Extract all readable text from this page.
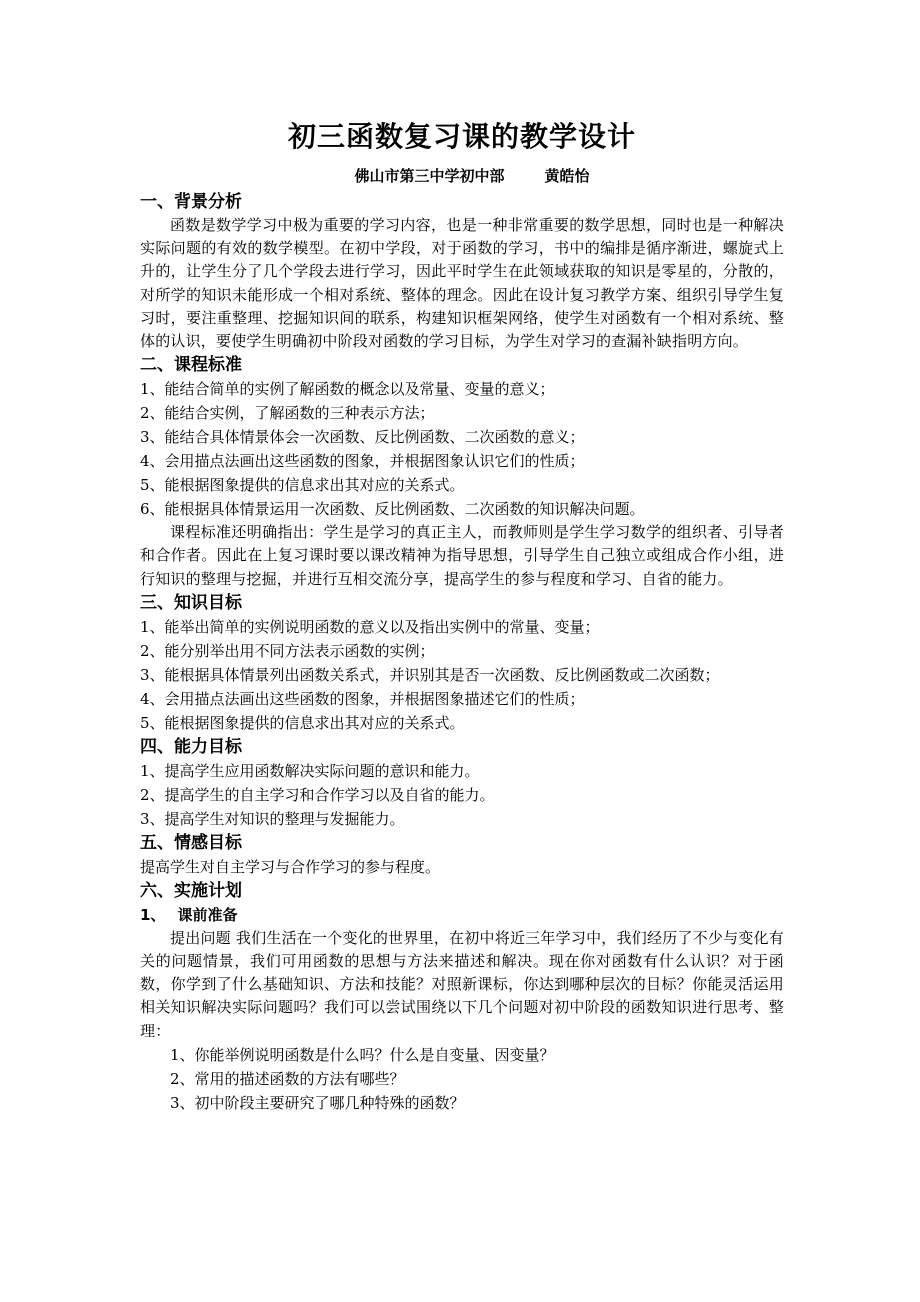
初三函数复习课的教学设计
佛山市第三中学初中部	黄皓怡
一、背景分析

函数是数学学习中极为重要的学习内容，也是一种非常重要的数学思想，同时也是一种解决实际问题的有效的数学模型。在初中学段，对于函数的学习，书中的编排是循序渐进，螺旋式上升的，让学生分了几个学段去进行学习，因此平时学生在此领域获取的知识是零星的，分散的，对所学的知识未能形成一个相对系统、整体的理念。因此在设计复习教学方案、组织引导学生复习时，要注重整理、挖掘知识间的联系，构建知识框架网络，使学生对函数有一个相对系统、整体的认识，要使学生明确初中阶段对函数的学习目标，为学生对学习的查漏补缺指明方向。

二、课程标准
1、能结合简单的实例了解函数的概念以及常量、变量的意义；
2、能结合实例，了解函数的三种表示方法；
3、能结合具体情景体会一次函数、反比例函数、二次函数的意义；
4、会用描点法画出这些函数的图象，并根据图象认识它们的性质；
5、能根据图象提供的信息求出其对应的关系式。
6、能根据具体情景运用一次函数、反比例函数、二次函数的知识解决问题。

课程标准还明确指出：学生是学习的真正主人，而教师则是学生学习数学的组织者、引导者和合作者。因此在上复习课时要以课改精神为指导思想，引导学生自己独立或组成合作小组，进行知识的整理与挖掘，并进行互相交流分享，提高学生的参与程度和学习、自省的能力。

三、知识目标
1、能举出简单的实例说明函数的意义以及指出实例中的常量、变量；
2、能分别举出用不同方法表示函数的实例；
3、能根据具体情景列出函数关系式，并识别其是否一次函数、反比例函数或二次函数；
4、会用描点法画出这些函数的图象，并根据图象描述它们的性质；
5、能根据图象提供的信息求出其对应的关系式。
四、能力目标
1、提高学生应用函数解决实际问题的意识和能力。
2、提高学生的自主学习和合作学习以及自省的能力。
3、提高学生对知识的整理与发掘能力。
五、情感目标
提高学生对自主学习与合作学习的参与程度。
六、实施计划
1、 课前准备

提出问题 我们生活在一个变化的世界里，在初中将近三年学习中，我们经历了不少与变化有关的问题情景，我们可用函数的思想与方法来描述和解决。现在你对函数有什么认识？对于函数，你学到了什么基础知识、方法和技能？对照新课标，你达到哪种层次的目标？你能灵活运用相关知识解决实际问题吗？我们可以尝试围绕以下几个问题对初中阶段的函数知识进行思考、整理：

1、你能举例说明函数是什么吗？什么是自变量、因变量？
2、常用的描述函数的方法有哪些？
3、初中阶段主要研究了哪几种特殊的函数？
